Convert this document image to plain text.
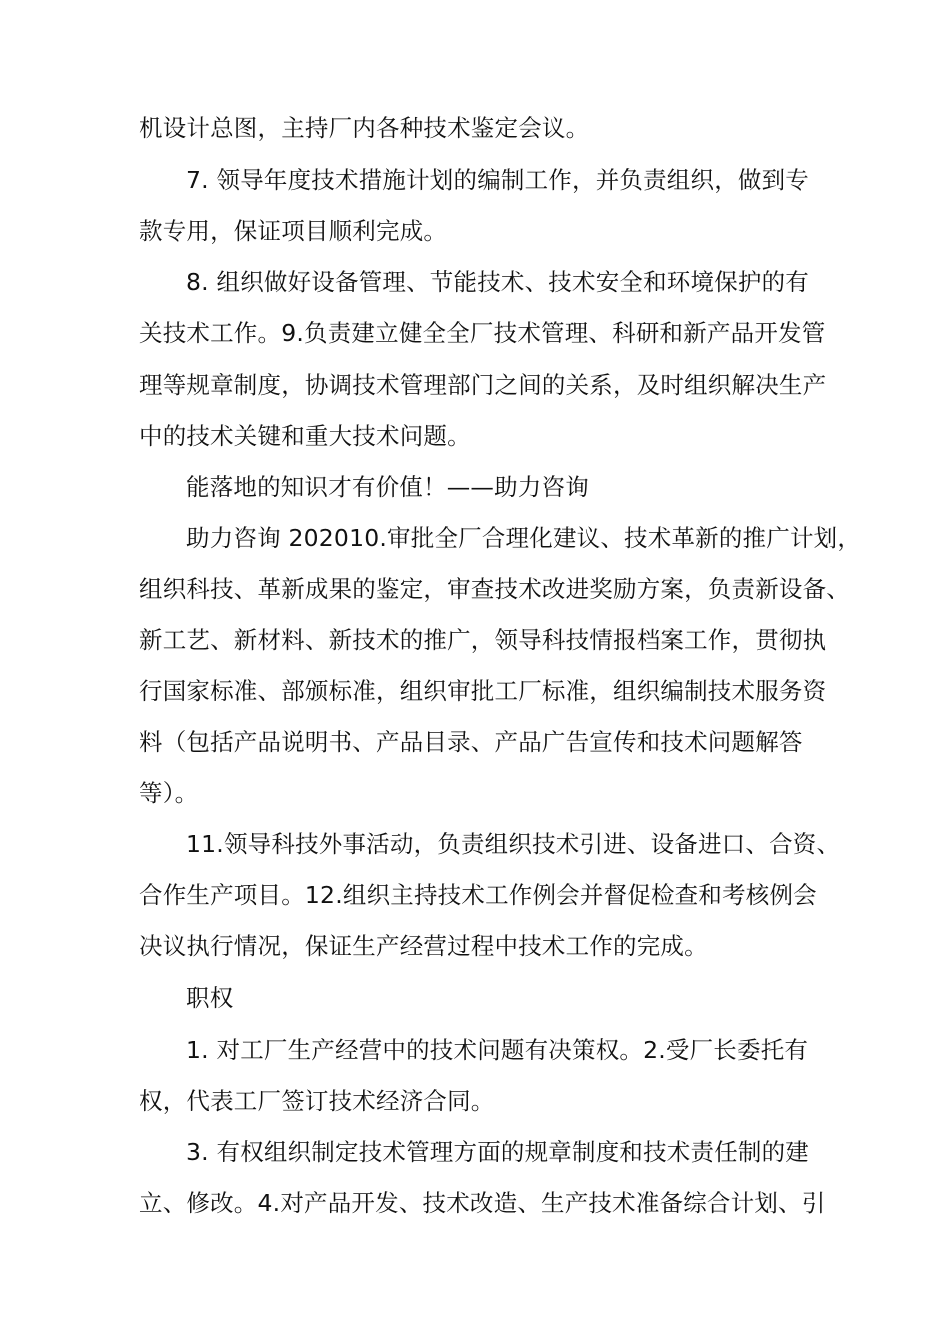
机设计总图，主持厂内各种技术鉴定会议。
7. 领导年度技术措施计划的编制工作，并负责组织，做到专
款专用，保证项目顺利完成。
8. 组织做好设备管理、节能技术、技术安全和环境保护的有
关技术工作。9.负责建立健全全厂技术管理、科研和新产品开发管
理等规章制度，协调技术管理部门之间的关系，及时组织解决生产
中的技术关键和重大技术问题。
能落地的知识才有价值！——助力咨询
助力咨询 202010.审批全厂合理化建议、技术革新的推广计划，
组织科技、革新成果的鉴定，审查技术改进奖励方案，负责新设备、
新工艺、新材料、新技术的推广，领导科技情报档案工作，贯彻执
行国家标准、部颁标准，组织审批工厂标准，组织编制技术服务资
料（包括产品说明书、产品目录、产品广告宣传和技术问题解答
等）。
11.领导科技外事活动，负责组织技术引进、设备进口、合资、
合作生产项目。12.组织主持技术工作例会并督促检查和考核例会
决议执行情况，保证生产经营过程中技术工作的完成。
职权
1. 对工厂生产经营中的技术问题有决策权。2.受厂长委托有
权，代表工厂签订技术经济合同。
3. 有权组织制定技术管理方面的规章制度和技术责任制的建
立、修改。4.对产品开发、技术改造、生产技术准备综合计划、引
